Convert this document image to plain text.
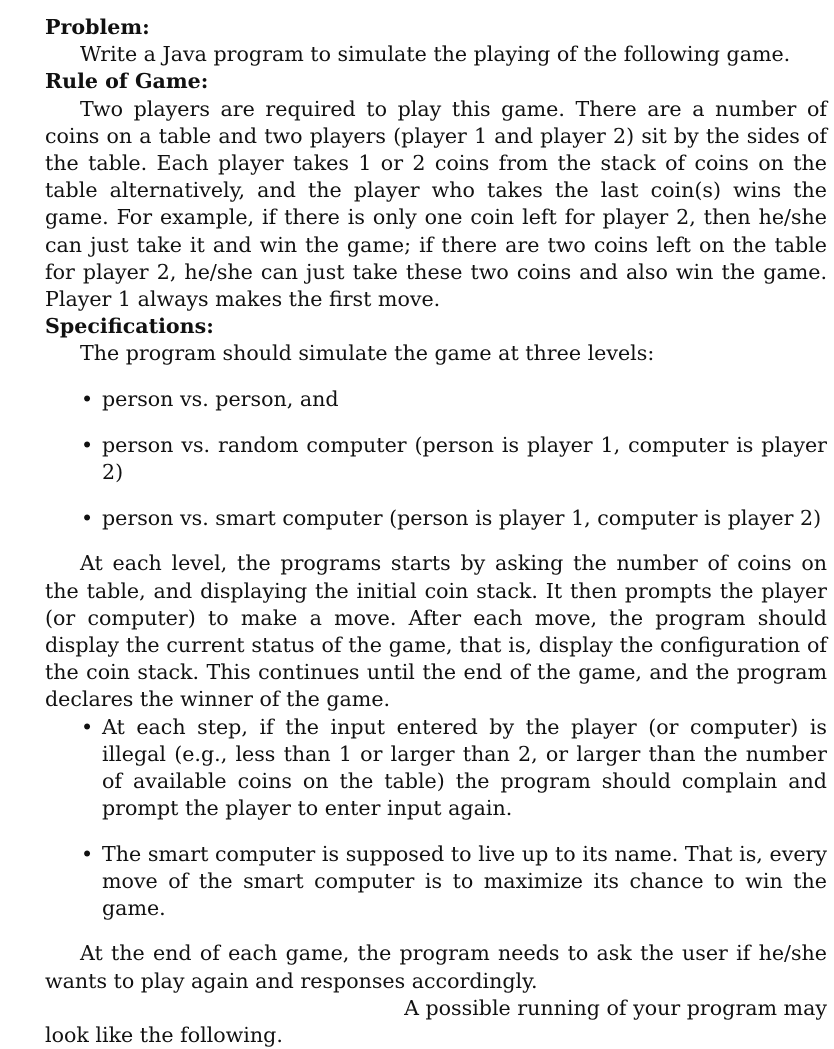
Problem:

Write a Java program to simulate the playing of the following game.

Rule of Game:

Two players are required to play this game. There are a number of coins on a table and two players (player 1 and player 2) sit by the sides of the table. Each player takes 1 or 2 coins from the stack of coins on the table alternatively, and the player who takes the last coin(s) wins the game. For example, if there is only one coin left for player 2, then he/she can just take it and win the game; if there are two coins left on the table for player 2, he/she can just take these two coins and also win the game. Player 1 always makes the first move.

Specifications:

The program should simulate the game at three levels:

• person vs. person, and
• person vs. random computer (person is player 1, computer is player 2)
• person vs. smart computer (person is player 1, computer is player 2)

At each level, the programs starts by asking the number of coins on the table, and displaying the initial coin stack. It then prompts the player (or computer) to make a move. After each move, the program should display the current status of the game, that is, display the configuration of the coin stack. This continues until the end of the game, and the program declares the winner of the game.

• At each step, if the input entered by the player (or computer) is illegal (e.g., less than 1 or larger than 2, or larger than the number of available coins on the table) the program should complain and prompt the player to enter input again.
• The smart computer is supposed to live up to its name. That is, every move of the smart computer is to maximize its chance to win the game.

At the end of each game, the program needs to ask the user if he/she wants to play again and responses accordingly.

A possible running of your program may

look like the following.
